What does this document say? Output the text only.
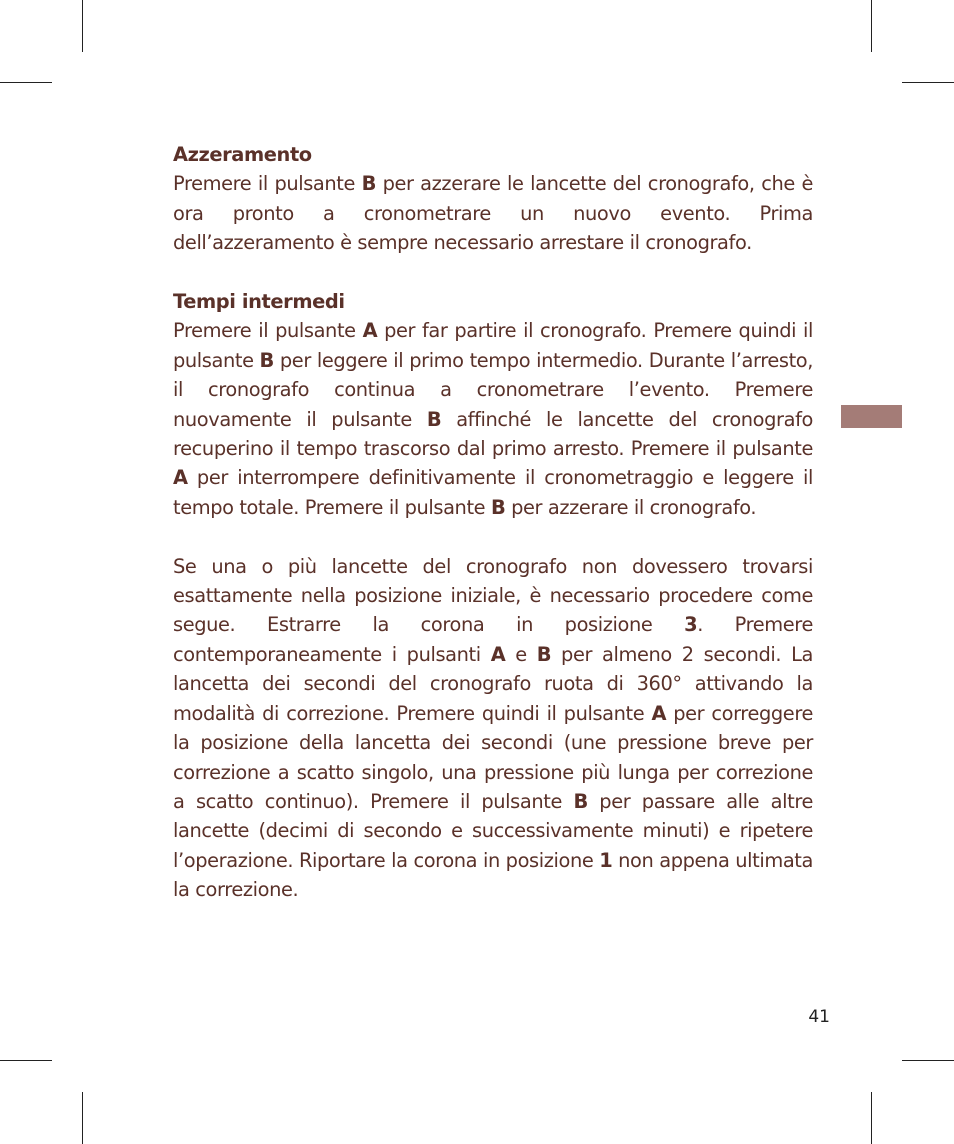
Azzeramento

Premere il pulsante B per azzerare le lancette del cronografo, che è ora pronto a cronometrare un nuovo evento. Prima dell’azzeramento è sempre necessario arrestare il cronografo.

Tempi intermedi

Premere il pulsante A per far partire il cronografo. Premere quindi il pulsante B per leggere il primo tempo intermedio. Durante l’arresto, il cronografo continua a cronometrare l’evento. Premere nuovamente il pulsante B affinché le lancette del cronografo recuperino il tempo trascorso dal primo arresto. Premere il pulsante A per interrompere definitivamente il cronometraggio e leggere il tempo totale. Premere il pulsante B per azzerare il cronografo.

Se una o più lancette del cronografo non dovessero trovarsi esattamente nella posizione iniziale, è necessario procedere come segue. Estrarre la corona in posizione 3. Premere contemporaneamente i pulsanti A e B per almeno 2 secondi. La lancetta dei secondi del cronografo ruota di 360° attivando la modalità di correzione. Premere quindi il pulsante A per correggere la posizione della lancetta dei secondi (une pressione breve per correzione a scatto singolo, una pressione più lunga per correzione a scatto continuo). Premere il pulsante B per passare alle altre lancette (decimi di secondo e successivamente minuti) e ripetere l’operazione. Riportare la corona in posizione 1 non appena ultimata la correzione.

41
